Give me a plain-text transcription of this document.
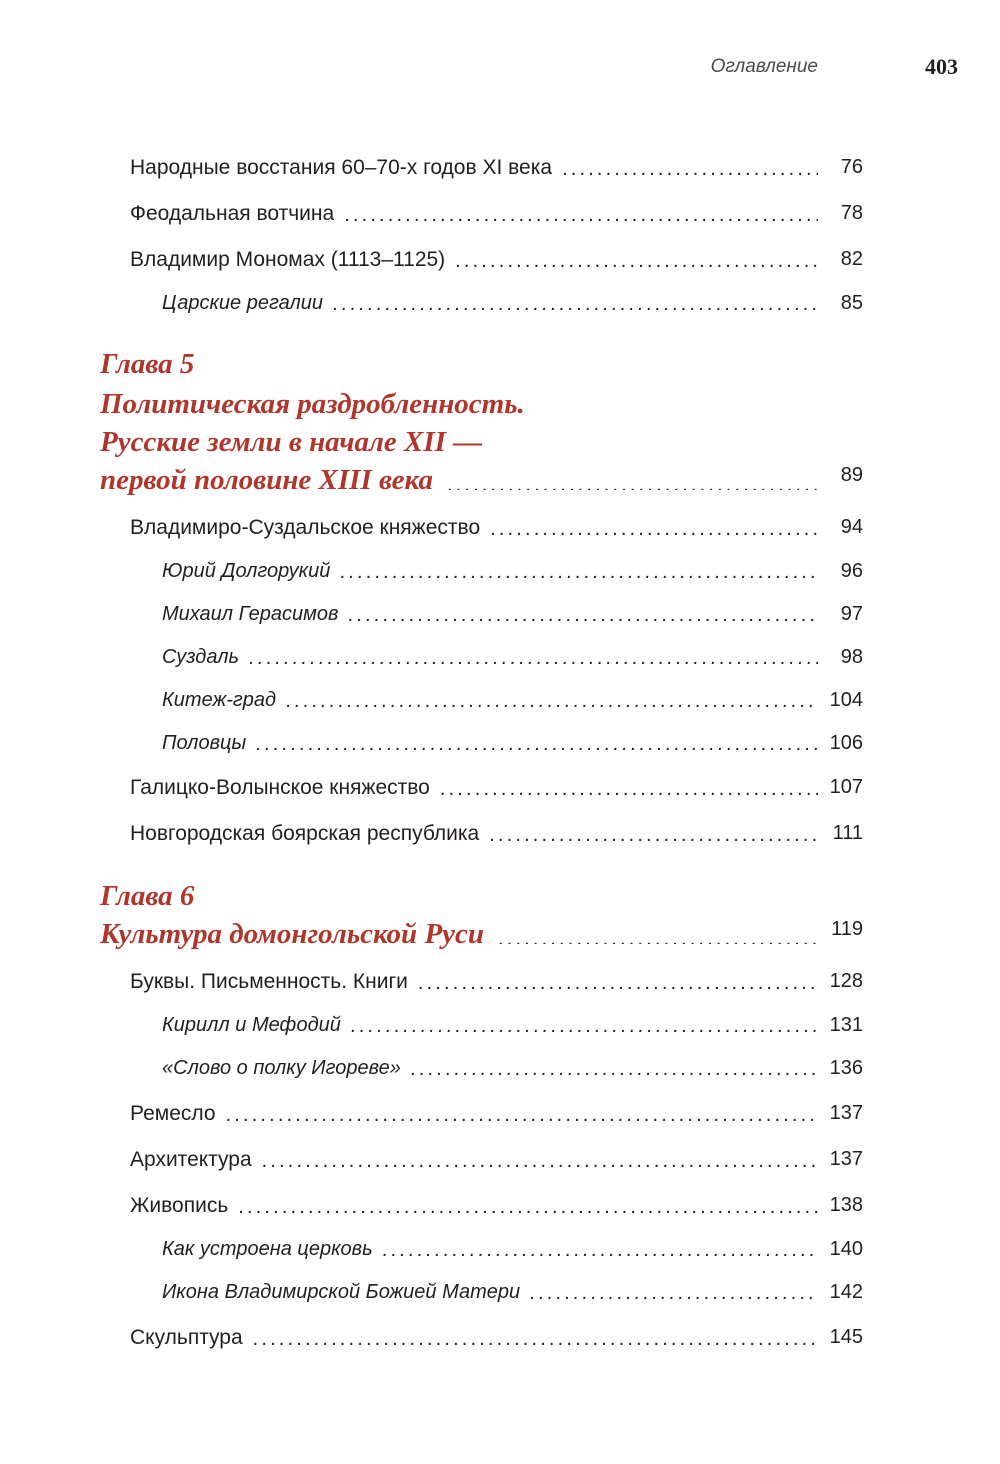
Оглавление	403
Народные восстания 60–70-х годов XI века . . .	76
Феодальная вотчина . . .	78
Владимир Мономах (1113–1125) . . .	82
Царские регалии . . .	85
Глава 5
Политическая раздробленность.
Русские земли в начале XII —
первой половине XIII века . . .	89
Владимиро-Суздальское княжество . . .	94
Юрий Долгорукий . . .	96
Михаил Герасимов . . .	97
Суздаль . . .	98
Китеж-град . . .	104
Половцы . . .	106
Галицко-Волынское княжество . . .	107
Новгородская боярская республика . . .	111
Глава 6
Культура домонгольской Руси . . .	119
Буквы. Письменность. Книги . . .	128
Кирилл и Мефодий . . .	131
«Слово о полку Игореве» . . .	136
Ремесло . . .	137
Архитектура . . .	137
Живопись . . .	138
Как устроена церковь . . .	140
Икона Владимирской Божией Матери . . .	142
Скульптура . . .	145
